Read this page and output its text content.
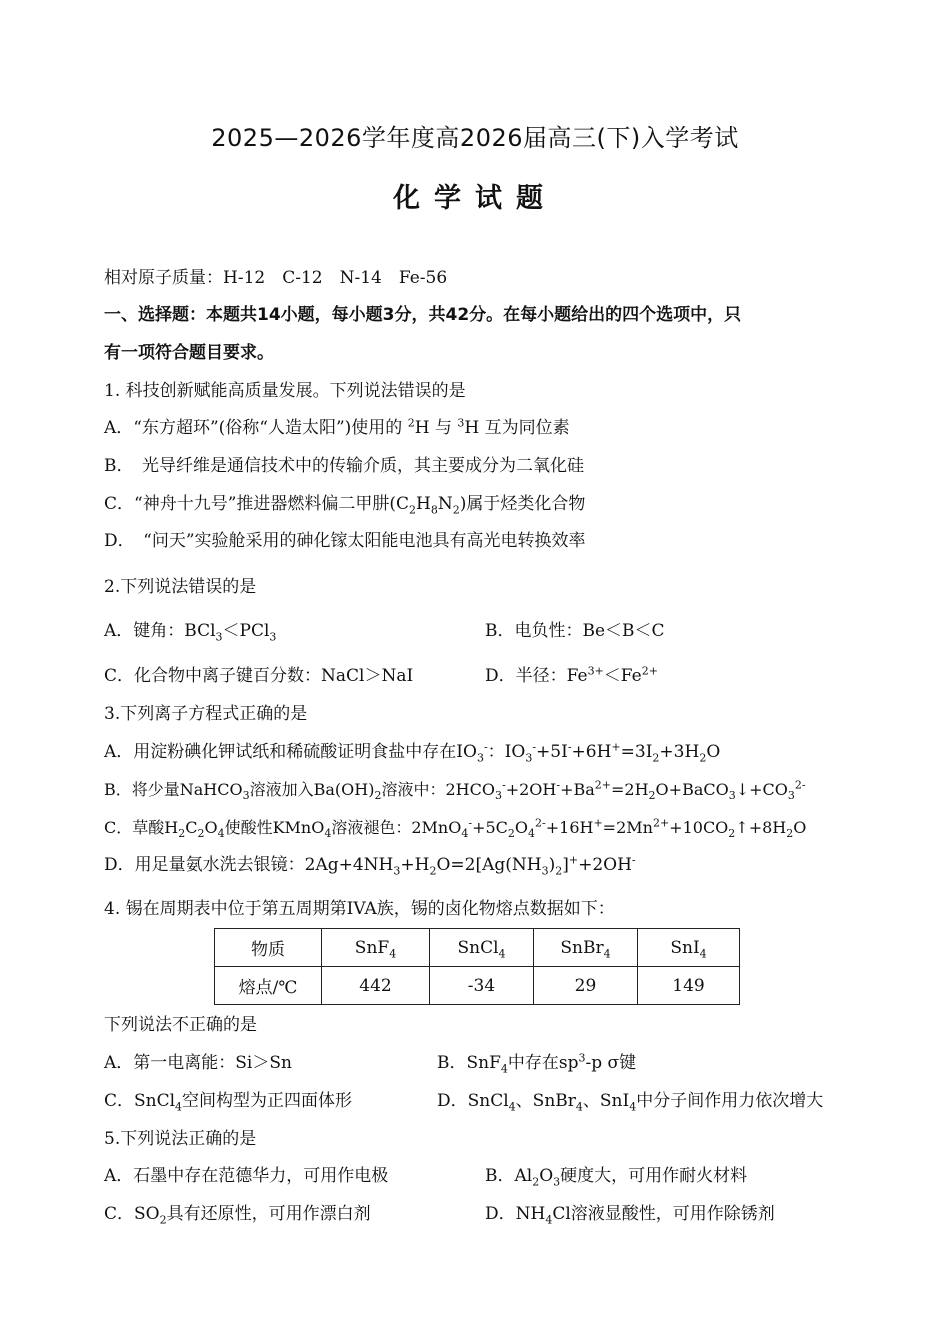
2025—2026学年度高2026届高三(下)入学考试
化学试题
相对原子质量：H-12　C-12　N-14　Fe-56
一、选择题：本题共14小题，每小题3分，共42分。在每小题给出的四个选项中，只
有一项符合题目要求。
1. 科技创新赋能高质量发展。下列说法错误的是
A．“东方超环”(俗称“人造太阳”)使用的 $^2$H 与 $^3$H 互为同位素
B．　光导纤维是通信技术中的传输介质，其主要成分为二氧化硅
C．“神舟十九号”推进器燃料偏二甲肼$(C_2H_8N_2)$属于烃类化合物
D．　“问天”实验舱采用的砷化镓太阳能电池具有高光电转换效率
2.下列说法错误的是
A．键角：BCl$_3$＜PCl$_3$	B．电负性：Be＜B＜C
C．化合物中离子键百分数：NaCl＞NaI	D．半径：$Fe^{3+}<Fe^{2+}$
3.下列离子方程式正确的是
A．用淀粉碘化钾试纸和稀硫酸证明食盐中存在$IO_3^-$：$IO_3^-+5I^-+6H^+=3I_2+3H_2O$
B．将少量NaHCO$_3$溶液加入$Ba(OH)_2$溶液中：$2HCO_3^-+2OH^-+Ba^{2+}=2H_2O+BaCO_3↓+CO_3^{2-}$
C．草酸$H_2C_2O_4$使酸性KMnO$_4$溶液褪色：$2MnO_4^-+5C_2O_4^{2-}+16H^+=2Mn^{2+}+10CO_2↑+8H_2O$
D．用足量氨水洗去银镜：$2Ag+4NH_3+H_2O=2[Ag(NH_3)_2]^++2OH^-$
4. 锡在周期表中位于第五周期第IVA族，锡的卤化物熔点数据如下：
物质	SnF$_4$	SnCl$_4$	SnBr$_4$	SnI$_4$
熔点/℃	442	-34	29	149
下列说法不正确的是
A．第一电离能：Si＞Sn	B．SnF$_4$中存在$sp^3-p$ σ键
C．SnCl$_4$空间构型为正四面体形	D．SnCl$_4$、SnBr$_4$、SnI$_4$中分子间作用力依次增大
5.下列说法正确的是
A．石墨中存在范德华力，可用作电极	B．$Al_2O_3$硬度大，可用作耐火材料
C．$SO_2$具有还原性，可用作漂白剂	D．$NH_4Cl$溶液显酸性，可用作除锈剂
